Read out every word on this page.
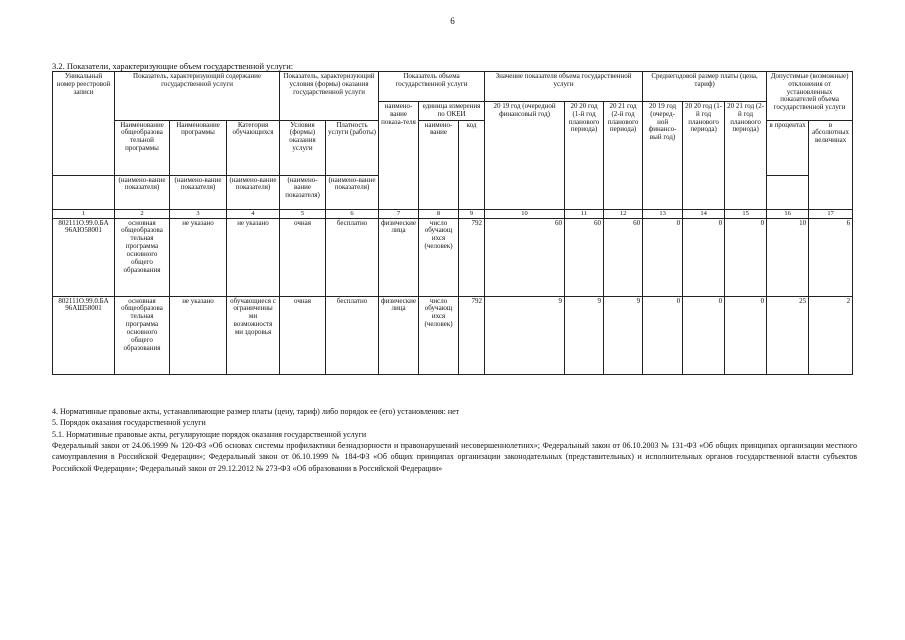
6
3.2. Показатели, характеризующие объем государственной услуги:
Уникальный номер реестровой записи	Показатель, характеризующий содержание государственной услуги			Показатель, характеризующий условия (формы) оказания государственной услуги		Показатель объема государственной услуги			Значение показателя объема государственной услуги			Среднегодовой размер платы (цена, тариф)			Допустимые (возможные) отклонения от установленных показателей объема государственной услуги	
						наимено-вание показа-теля	единица измерения по ОКЕИ		20 19 год (очередной финансовый год)	20 20 год (1-й год планового периода)	20 21 год (2-й год планового периода)	20 19 год (очеред-ной финансо-вый год)	20 20 год (1-й год планового периода)	20 21 год (2-й год планового периода)		
	Наименование общеобразова тельной программы	Наименование программы	Категория обучающихся	Условия (формы) оказания услуги	Платность услуги (работы)		наимено-вание	код							в процентах	в абсолютных величинах
	(наимено-вание показателя)	(наимено-вание показателя)	(наимено-вание показателя)	(наимено-вание показателя)	(наимено-ванне показателя)											
1	2	3	4	5	6	7	8	9	10	11	12	13	14	15	16	17
802111О.99.0.БА 96АЮ58001	основная общеобразова тельная программа основного общего образования	не указано	не указано	очная	бесплатно	физические лица	число обучающ ихся (человек)	792	60	60	60	0	0	0	10	6
802111О.99.0.БА 96АШ58001	основная общеобразова тельная программа основного общего образования	не указано	обучающиеся с ограниченны ми возможностя ми здоровья	очная	бесплатно	физические лица	число обучающ ихся (человек)	792	9	9	9	0	0	0	25	2
4. Нормативные правовые акты, устанавливающие размер платы (цену, тариф) либо порядок ее (его) установления: нет
5. Порядок оказания государственной услуги
5.1. Нормативные правовые акты, регулирующие порядок оказания государственной услуги
Федеральный закон от 24.06.1999 № 120-ФЗ «Об основах системы профилактики безнадзорности и правонарушений несовершеннолетних»; Федеральный закон от 06.10.2003 № 131-ФЗ «Об общих принципах организации местного самоуправления в Российской Федерации»; Федеральный закон от 06.10.1999 № 184-ФЗ «Об общих принципах организации законодательных (представительных) и исполнительных органов государственной власти субъектов Российской Федерации»; Федеральный закон от 29.12.2012 № 273-ФЗ «Об образовании в Российской Федерации»
